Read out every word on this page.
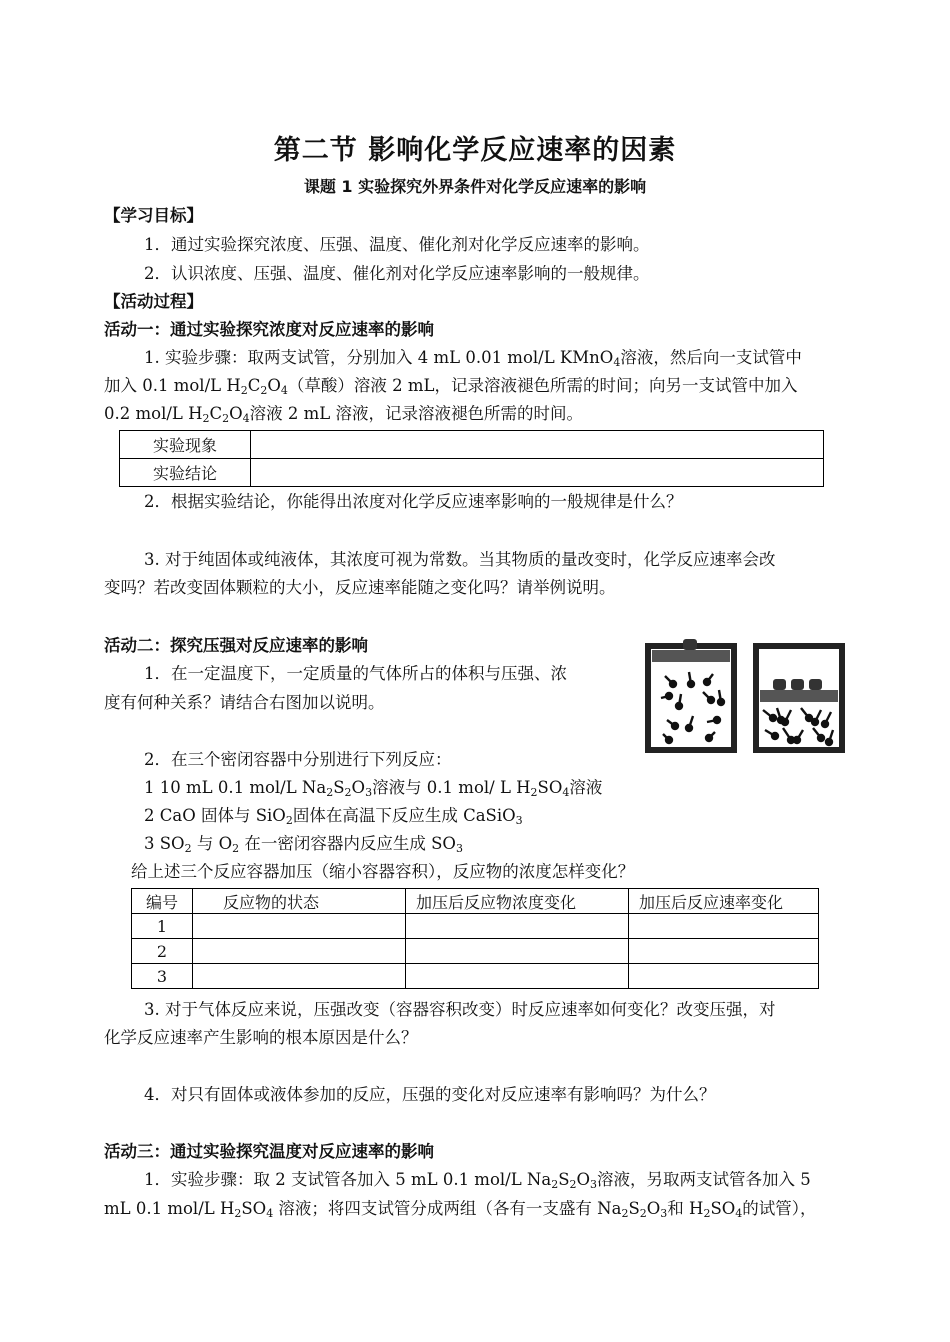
第二节 影响化学反应速率的因素
课题 1 实验探究外界条件对化学反应速率的影响
【学习目标】
1．通过实验探究浓度、压强、温度、催化剂对化学反应速率的影响。
2．认识浓度、压强、温度、催化剂对化学反应速率影响的一般规律。
【活动过程】
活动一：通过实验探究浓度对反应速率的影响
1. 实验步骤：取两支试管，分别加入 4 mL 0.01 mol/L KMnO$_4$溶液，然后向一支试管中
加入 0.1 mol/L $H_2C_2O_4$（草酸）溶液 2 mL，记录溶液褪色所需的时间；向另一支试管中加入
0.2 mol/L $H_2C_2O_4$溶液 2 mL 溶液，记录溶液褪色所需的时间。
实验现象	
实验结论	
2．根据实验结论，你能得出浓度对化学反应速率影响的一般规律是什么？
3. 对于纯固体或纯液体，其浓度可视为常数。当其物质的量改变时，化学反应速率会改
变吗？若改变固体颗粒的大小，反应速率能随之变化吗？请举例说明。
活动二：探究压强对反应速率的影响
1．在一定温度下，一定质量的气体所占的体积与压强、浓
度有何种关系？请结合右图加以说明。
2．在三个密闭容器中分别进行下列反应：
1 10 mL 0.1 mol/L $Na_2S_2O_3$溶液与 0.1 mol/ L $H_2SO_4$溶液
2 CaO 固体与 SiO$_2$固体在高温下反应生成 CaSiO$_3$
3 $SO_2$ 与 $O_2$ 在一密闭容器内反应生成 $SO_3$
给上述三个反应容器加压（缩小容器容积），反应物的浓度怎样变化？
编号	反应物的状态	加压后反应物浓度变化	加压后反应速率变化
1			
2			
3			
3. 对于气体反应来说，压强改变（容器容积改变）时反应速率如何变化？改变压强，对
化学反应速率产生影响的根本原因是什么？
4．对只有固体或液体参加的反应，压强的变化对反应速率有影响吗？为什么？
活动三：通过实验探究温度对反应速率的影响
1．实验步骤：取 2 支试管各加入 5 mL 0.1 mol/L $Na_2S_2O_3$溶液，另取两支试管各加入 5
mL 0.1 mol/L $H_2SO_4$ 溶液；将四支试管分成两组（各有一支盛有 $Na_2S_2O_3$和 $H_2SO_4$的试管），
